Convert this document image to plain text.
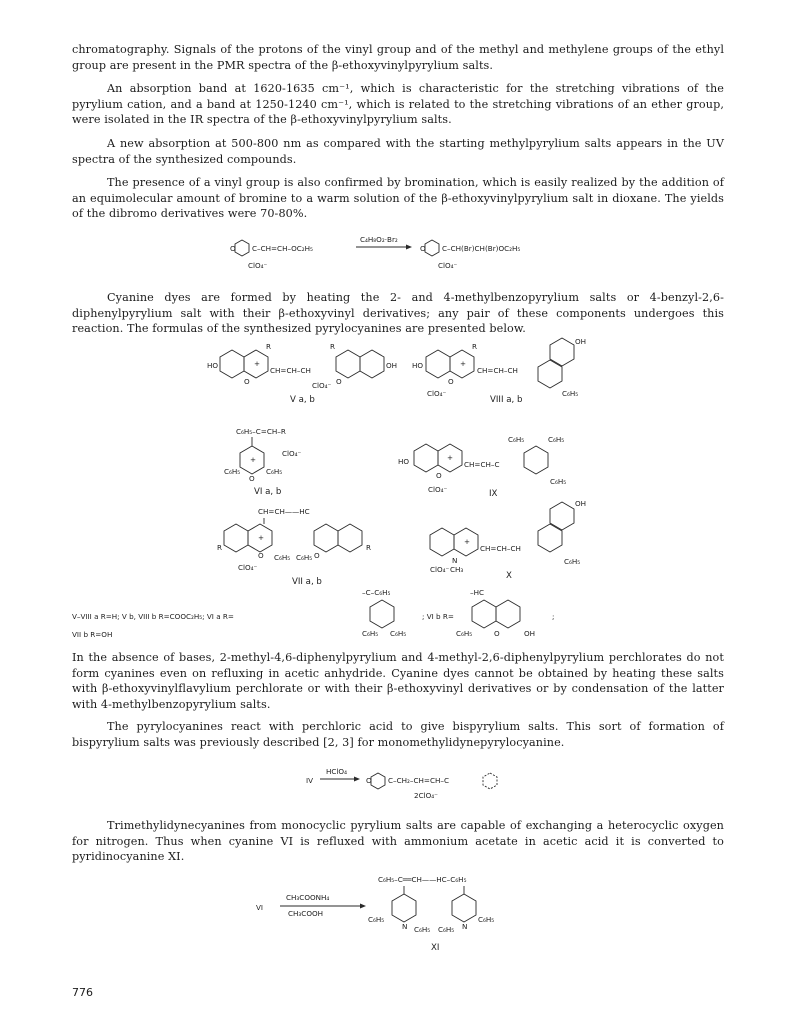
chromatography. Signals of the protons of the vinyl group and of the methyl and methylene groups of the ethyl group are present in the PMR spectra of the β-ethoxyvinylpyrylium salts.

An absorption band at 1620-1635 cm⁻¹, which is characteristic for the stretching vibrations of the pyrylium cation, and a band at 1250-1240 cm⁻¹, which is related to the stretching vibrations of an ether group, were isolated in the IR spectra of the β-ethoxyvinylpyrylium salts.

A new absorption at 500-800 nm as compared with the starting methylpyrylium salts appears in the UV spectra of the synthesized compounds.

The presence of a vinyl group is also confirmed by bromination, which is easily realized by the addition of an equimolecular amount of bromine to a warm solution of the β-ethoxyvinylpyrylium salt in dioxane. The yields of the dibromo derivatives were 70-80%.

O C–CH=CH–OC₂H₅
ClO₄⁻
C₄H₈O₂·Br₂
O C–CH(Br)CH(Br)OC₂H₅
ClO₄⁻

Cyanine dyes are formed by heating the 2- and 4-methylbenzopyrylium salts or 4-benzyl-2,6-diphenylpyrylium salt with their β-ethoxyvinyl derivatives; any pair of these components undergoes this reaction. The formulas of the synthesized pyrylocyanines are presented below.

HO	+
O
R
CH=CH–CH
R
O
OH
ClO₄⁻
V a, b
HO	+
O
R
CH=CH–CH
OH
C₆H₅
ClO₄⁻
VIII a, b
C₆H₅–C=CH–R
+
O
C₆H₅	C₆H₅
ClO₄⁻
VI a, b
HO	+
O
CH=CH–C
C₆H₅	C₆H₅
C₆H₅
ClO₄⁻	IX
CH=CH——HC
R
+
O C₆H₅ C₆H₅ O
R
ClO₄⁻
VII a, b
+
N
CH=CH–CH
OH
C₆H₅
ClO₄⁻ CH₃
X
V–VIII a R=H; V b, VIII b R=COOC₂H₅; VI a R=
VII b R=OH
–C–C₆H₅
C₆H₅ C₆H₅
; VI b R=
–HC
C₆H₅	O	OH
;

In the absence of bases, 2-methyl-4,6-diphenylpyrylium and 4-methyl-2,6-diphenylpyrylium perchlorates do not form cyanines even on refluxing in acetic anhydride. Cyanine dyes cannot be obtained by heating these salts with β-ethoxyvinylflavylium perchlorate or with their β-ethoxyvinyl derivatives or by condensation of the latter with 4-methylbenzopyrylium salts.

The pyrylocyanines react with perchloric acid to give bispyrylium salts. This sort of formation of bispyrylium salts was previously described [2, 3] for monomethylidynepyrylocyanine.

IV
HClO₄
O C–CH₂–CH=CH–C
2ClO₄⁻

Trimethylidynecyanines from monocyclic pyrylium salts are capable of exchanging a heterocyclic oxygen for nitrogen. Thus when cyanine VI is refluxed with ammonium acetate in acetic acid it is converted to pyridinocyanine XI.

VI
CH₃COONH₄
CH₃COOH
C₆H₅–C══CH——HC–C₆H₅
N	N
C₆H₅
C₆H₅ C₆H₅
C₆H₅
XI
776
